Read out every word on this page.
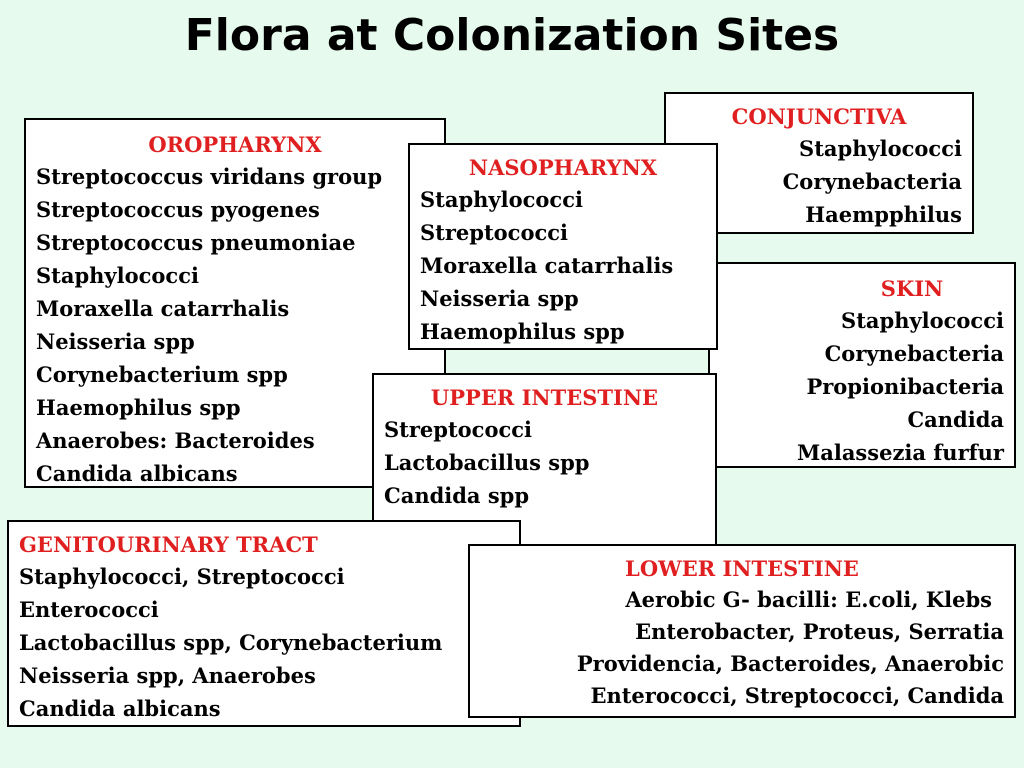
Flora at Colonization Sites
OROPHARYNX
Streptococcus viridans group
Streptococcus pyogenes
Streptococcus pneumoniae
Staphylococci
Moraxella catarrhalis
Neisseria spp
Corynebacterium spp
Haemophilus spp
Anaerobes: Bacteroides
Candida albicans
CONJUNCTIVA
Staphylococci
Corynebacteria
Haempphilus
SKIN
Staphylococci
Corynebacteria
Propionibacteria
Candida
Malassezia furfur
NASOPHARYNX
Staphylococci
Streptococci
Moraxella catarrhalis
Neisseria spp
Haemophilus spp
UPPER INTESTINE
Streptococci
Lactobacillus spp
Candida spp
GENITOURINARY TRACT
Staphylococci, Streptococci
Enterococci
Lactobacillus spp, Corynebacterium
Neisseria spp, Anaerobes
Candida albicans
LOWER INTESTINE
Aerobic G- bacilli: E.coli, Klebs
Enterobacter, Proteus, Serratia
Providencia, Bacteroides, Anaerobic
Enterococci, Streptococci, Candida
